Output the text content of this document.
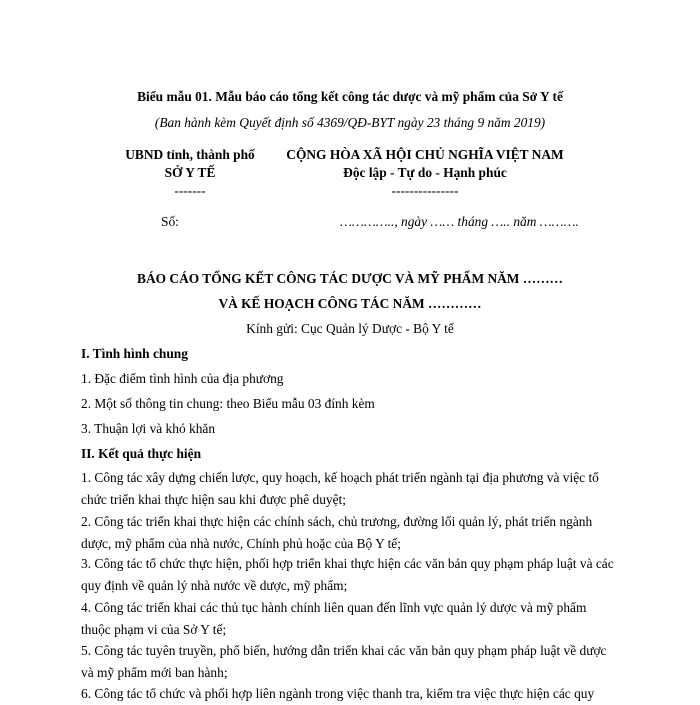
Biểu mẫu 01. Mẫu báo cáo tổng kết công tác dược và mỹ phẩm của Sở Y tế
(Ban hành kèm Quyết định số 4369/QĐ-BYT ngày 23 tháng 9 năm 2019)
UBND tỉnh, thành phố
SỞ Y TẾ
-------
Số:
CỘNG HÒA XÃ HỘI CHỦ NGHĨA VIỆT NAM
Độc lập - Tự do - Hạnh phúc
---------------
………….., ngày …… tháng ….. năm ……….
BÁO CÁO TỔNG KẾT CÔNG TÁC DƯỢC VÀ MỸ PHẨM NĂM ………
VÀ KẾ HOẠCH CÔNG TÁC NĂM …………
Kính gửi: Cục Quản lý Dược - Bộ Y tế
I. Tình hình chung
1. Đặc điểm tình hình của địa phương
2. Một số thông tin chung: theo Biểu mẫu 03 đính kèm
3. Thuận lợi và khó khăn
II. Kết quả thực hiện
1. Công tác xây dựng chiến lược, quy hoạch, kế hoạch phát triển ngành tại địa phương và việc tổ chức triển khai thực hiện sau khi được phê duyệt;
2. Công tác triển khai thực hiện các chính sách, chủ trương, đường lối quản lý, phát triển ngành dược, mỹ phẩm của nhà nước, Chính phủ hoặc của Bộ Y tế;
3. Công tác tổ chức thực hiện, phối hợp triển khai thực hiện các văn bản quy phạm pháp luật và các quy định về quản lý nhà nước về dược, mỹ phẩm;
4. Công tác triển khai các thủ tục hành chính liên quan đến lĩnh vực quản lý dược và mỹ phẩm thuộc phạm vi của Sở Y tế;
5. Công tác tuyên truyền, phổ biến, hướng dẫn triển khai các văn bản quy phạm pháp luật về dược và mỹ phẩm mới ban hành;
6. Công tác tổ chức và phối hợp liên ngành trong việc thanh tra, kiểm tra việc thực hiện các quy
